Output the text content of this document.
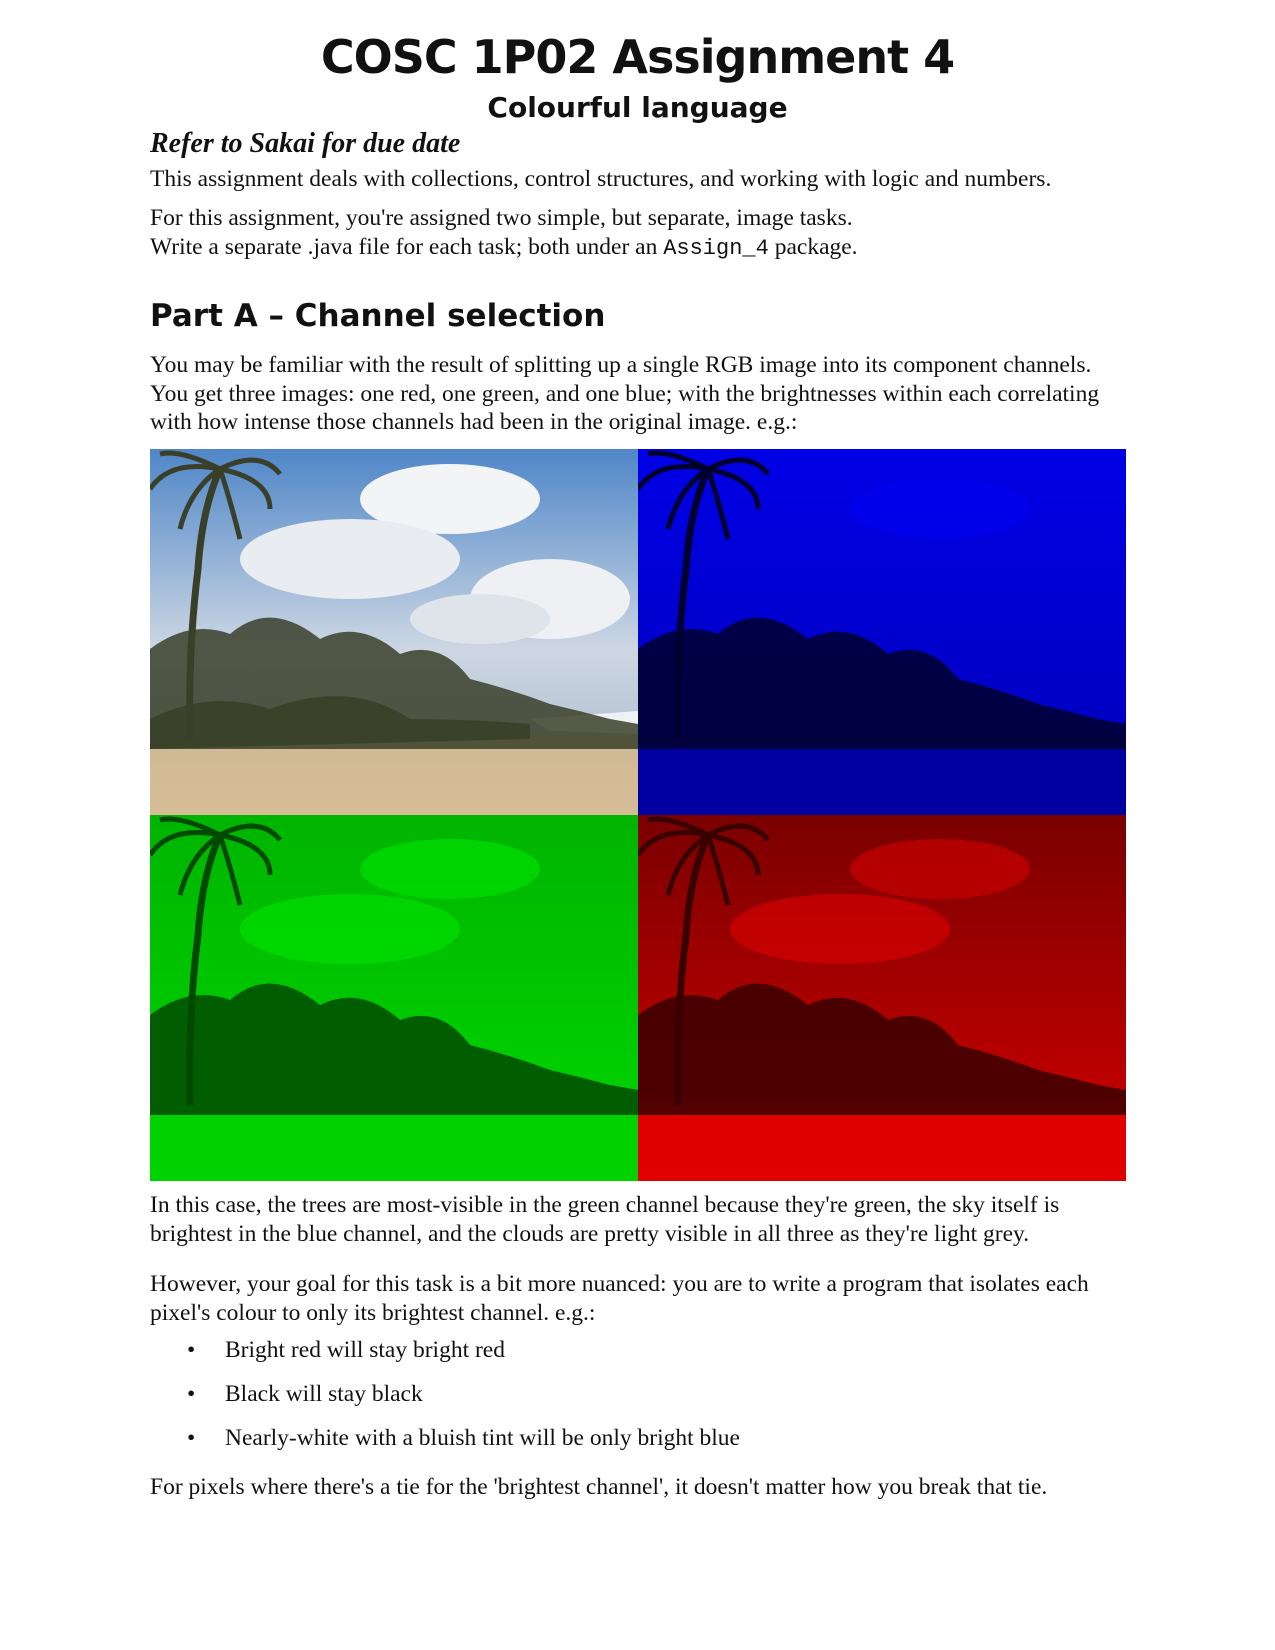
COSC 1P02 Assignment 4
Colourful language

Refer to Sakai for due date

This assignment deals with collections, control structures, and working with logic and numbers.

For this assignment, you're assigned two simple, but separate, image tasks.
Write a separate .java file for each task; both under an Assign_4 package.

Part A – Channel selection

You may be familiar with the result of splitting up a single RGB image into its component channels. You get three images: one red, one green, and one blue; with the brightnesses within each correlating with how intense those channels had been in the original image. e.g.:

In this case, the trees are most-visible in the green channel because they're green, the sky itself is brightest in the blue channel, and the clouds are pretty visible in all three as they're light grey.

However, your goal for this task is a bit more nuanced: you are to write a program that isolates each pixel's colour to only its brightest channel. e.g.:

• Bright red will stay bright red
• Black will stay black
• Nearly-white with a bluish tint will be only bright blue

For pixels where there's a tie for the 'brightest channel', it doesn't matter how you break that tie.
